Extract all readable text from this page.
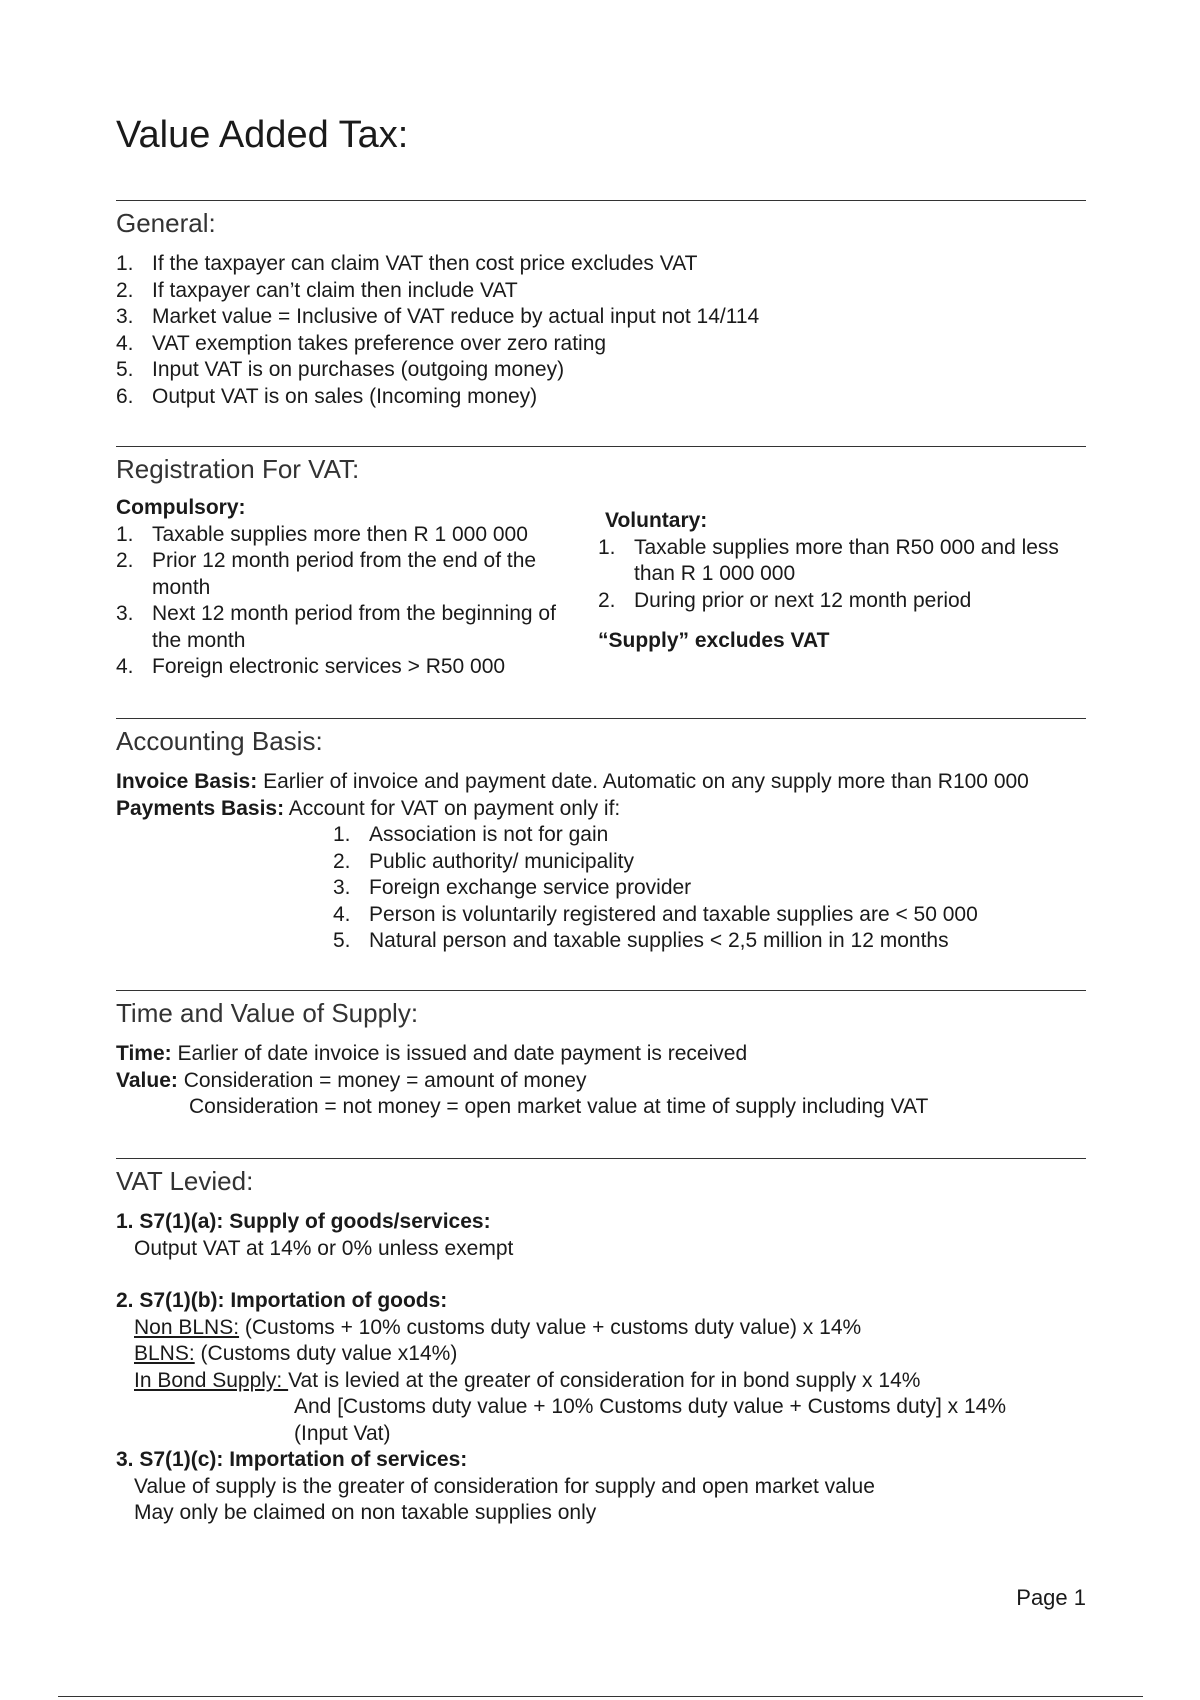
Value Added Tax:
General:
1. If the taxpayer can claim VAT then cost price excludes VAT
2. If taxpayer can’t claim then include VAT
3. Market value = Inclusive of VAT reduce by actual input not 14/114
4. VAT exemption takes preference over zero rating
5. Input VAT is on purchases (outgoing money)
6. Output VAT is on sales (Incoming money)
Registration For VAT:
Compulsory:
1. Taxable supplies more then R 1 000 000
2. Prior 12 month period from the end of the month
3. Next 12 month period from the beginning of the month
4. Foreign electronic services > R50 000
Voluntary:
1. Taxable supplies more than R50 000 and less than R 1 000 000
2. During prior or next 12 month period
“Supply” excludes VAT
Accounting Basis:
Invoice Basis: Earlier of invoice and payment date. Automatic on any supply more than R100 000
Payments Basis: Account for VAT on payment only if:
1. Association is not for gain
2. Public authority/ municipality
3. Foreign exchange service provider
4. Person is voluntarily registered and taxable supplies are < 50 000
5. Natural person and taxable supplies < 2,5 million in 12 months
Time and Value of Supply:
Time: Earlier of date invoice is issued and date payment is received
Value: Consideration = money = amount of money
Consideration = not money = open market value at time of supply including VAT
VAT Levied:
1. S7(1)(a): Supply of goods/services:
Output VAT at 14% or 0% unless exempt
2. S7(1)(b): Importation of goods:
Non BLNS: (Customs + 10% customs duty value + customs duty value) x 14%
BLNS: (Customs duty value x14%)
In Bond Supply: Vat is levied at the greater of consideration for in bond supply x 14%
And [Customs duty value + 10% Customs duty value + Customs duty] x 14%
(Input Vat)
3. S7(1)(c): Importation of services:
Value of supply is the greater of consideration for supply and open market value
May only be claimed on non taxable supplies only
Page 1
